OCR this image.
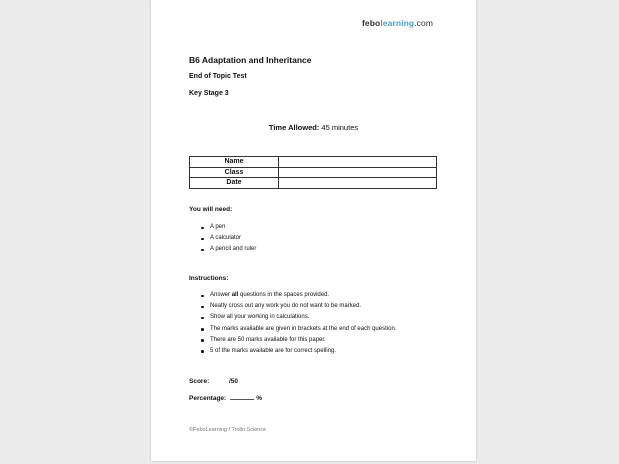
febolearning.com
B6 Adaptation and Inheritance
End of Topic Test
Key Stage 3
Time Allowed: 45 minutes
Name	
Class	
Date	
You will need:
A pen
A calculator
A pencil and ruler
Instructions:
Answer all questions in the spaces provided.
Neatly cross out any work you do not want to be marked.
Show all your working in calculations.
The marks available are given in brackets at the end of each question.
There are 50 marks available for this paper.
5 of the marks available are for correct spelling.
Score:	/50
Percentage:	%
©FeboLearning / Trollo Science
